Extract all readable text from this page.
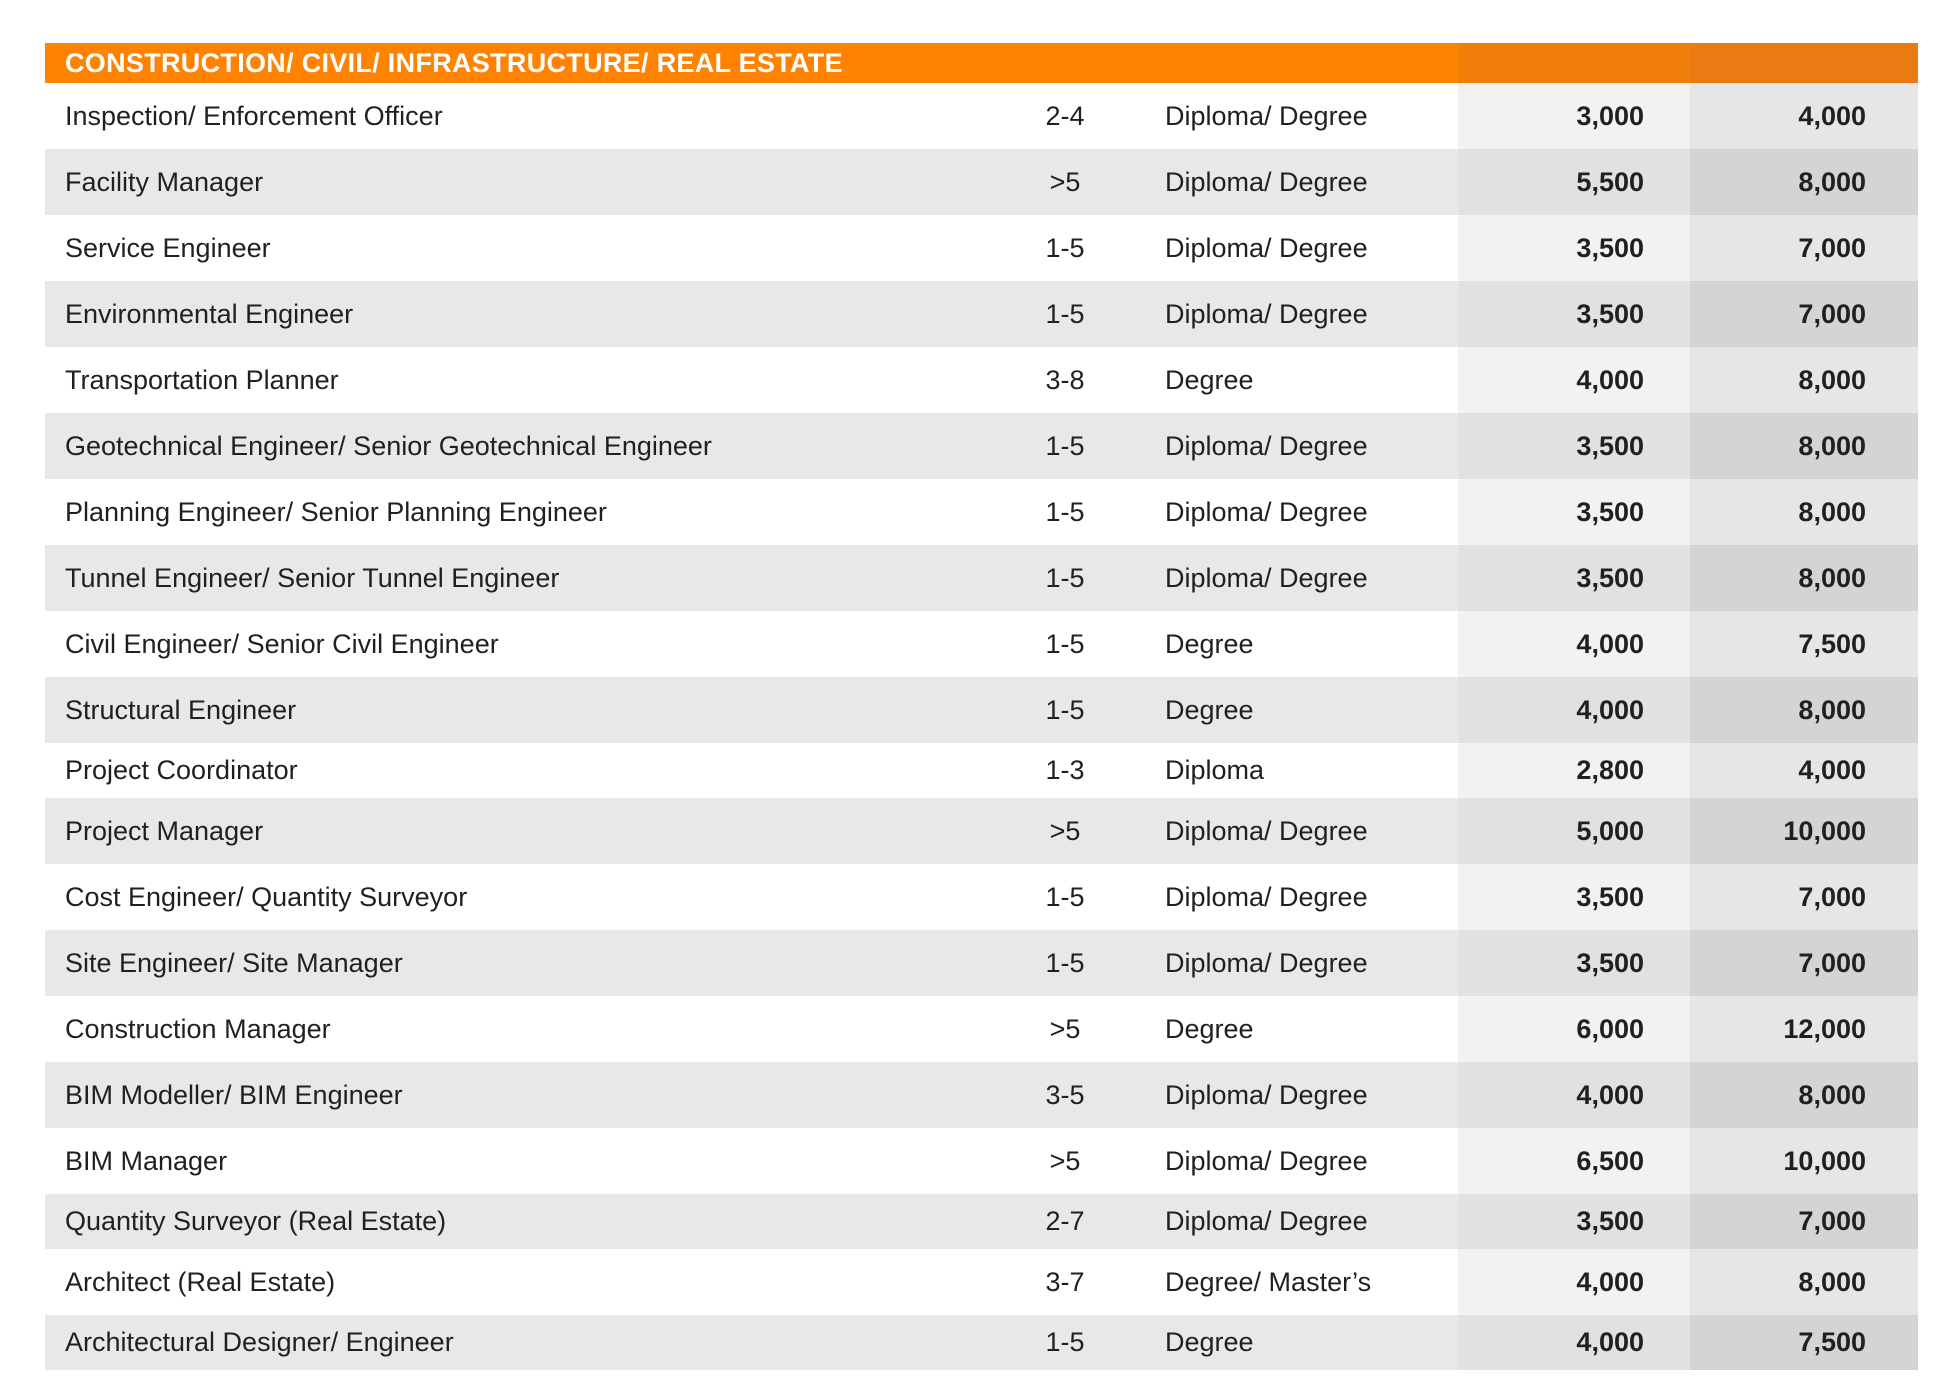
CONSTRUCTION/ CIVIL/ INFRASTRUCTURE/ REAL ESTATE
Inspection/ Enforcement Officer	2-4	Diploma/ Degree	3,000	4,000
Facility Manager	>5	Diploma/ Degree	5,500	8,000
Service Engineer	1-5	Diploma/ Degree	3,500	7,000
Environmental Engineer	1-5	Diploma/ Degree	3,500	7,000
Transportation Planner	3-8	Degree	4,000	8,000
Geotechnical Engineer/ Senior Geotechnical Engineer	1-5	Diploma/ Degree	3,500	8,000
Planning Engineer/ Senior Planning Engineer	1-5	Diploma/ Degree	3,500	8,000
Tunnel Engineer/ Senior Tunnel Engineer	1-5	Diploma/ Degree	3,500	8,000
Civil Engineer/ Senior Civil Engineer	1-5	Degree	4,000	7,500
Structural Engineer	1-5	Degree	4,000	8,000
Project Coordinator	1-3	Diploma	2,800	4,000
Project Manager	>5	Diploma/ Degree	5,000	10,000
Cost Engineer/ Quantity Surveyor	1-5	Diploma/ Degree	3,500	7,000
Site Engineer/ Site Manager	1-5	Diploma/ Degree	3,500	7,000
Construction Manager	>5	Degree	6,000	12,000
BIM Modeller/ BIM Engineer	3-5	Diploma/ Degree	4,000	8,000
BIM Manager	>5	Diploma/ Degree	6,500	10,000
Quantity Surveyor (Real Estate)	2-7	Diploma/ Degree	3,500	7,000
Architect (Real Estate)	3-7	Degree/ Master’s	4,000	8,000
Architectural Designer/ Engineer	1-5	Degree	4,000	7,500
